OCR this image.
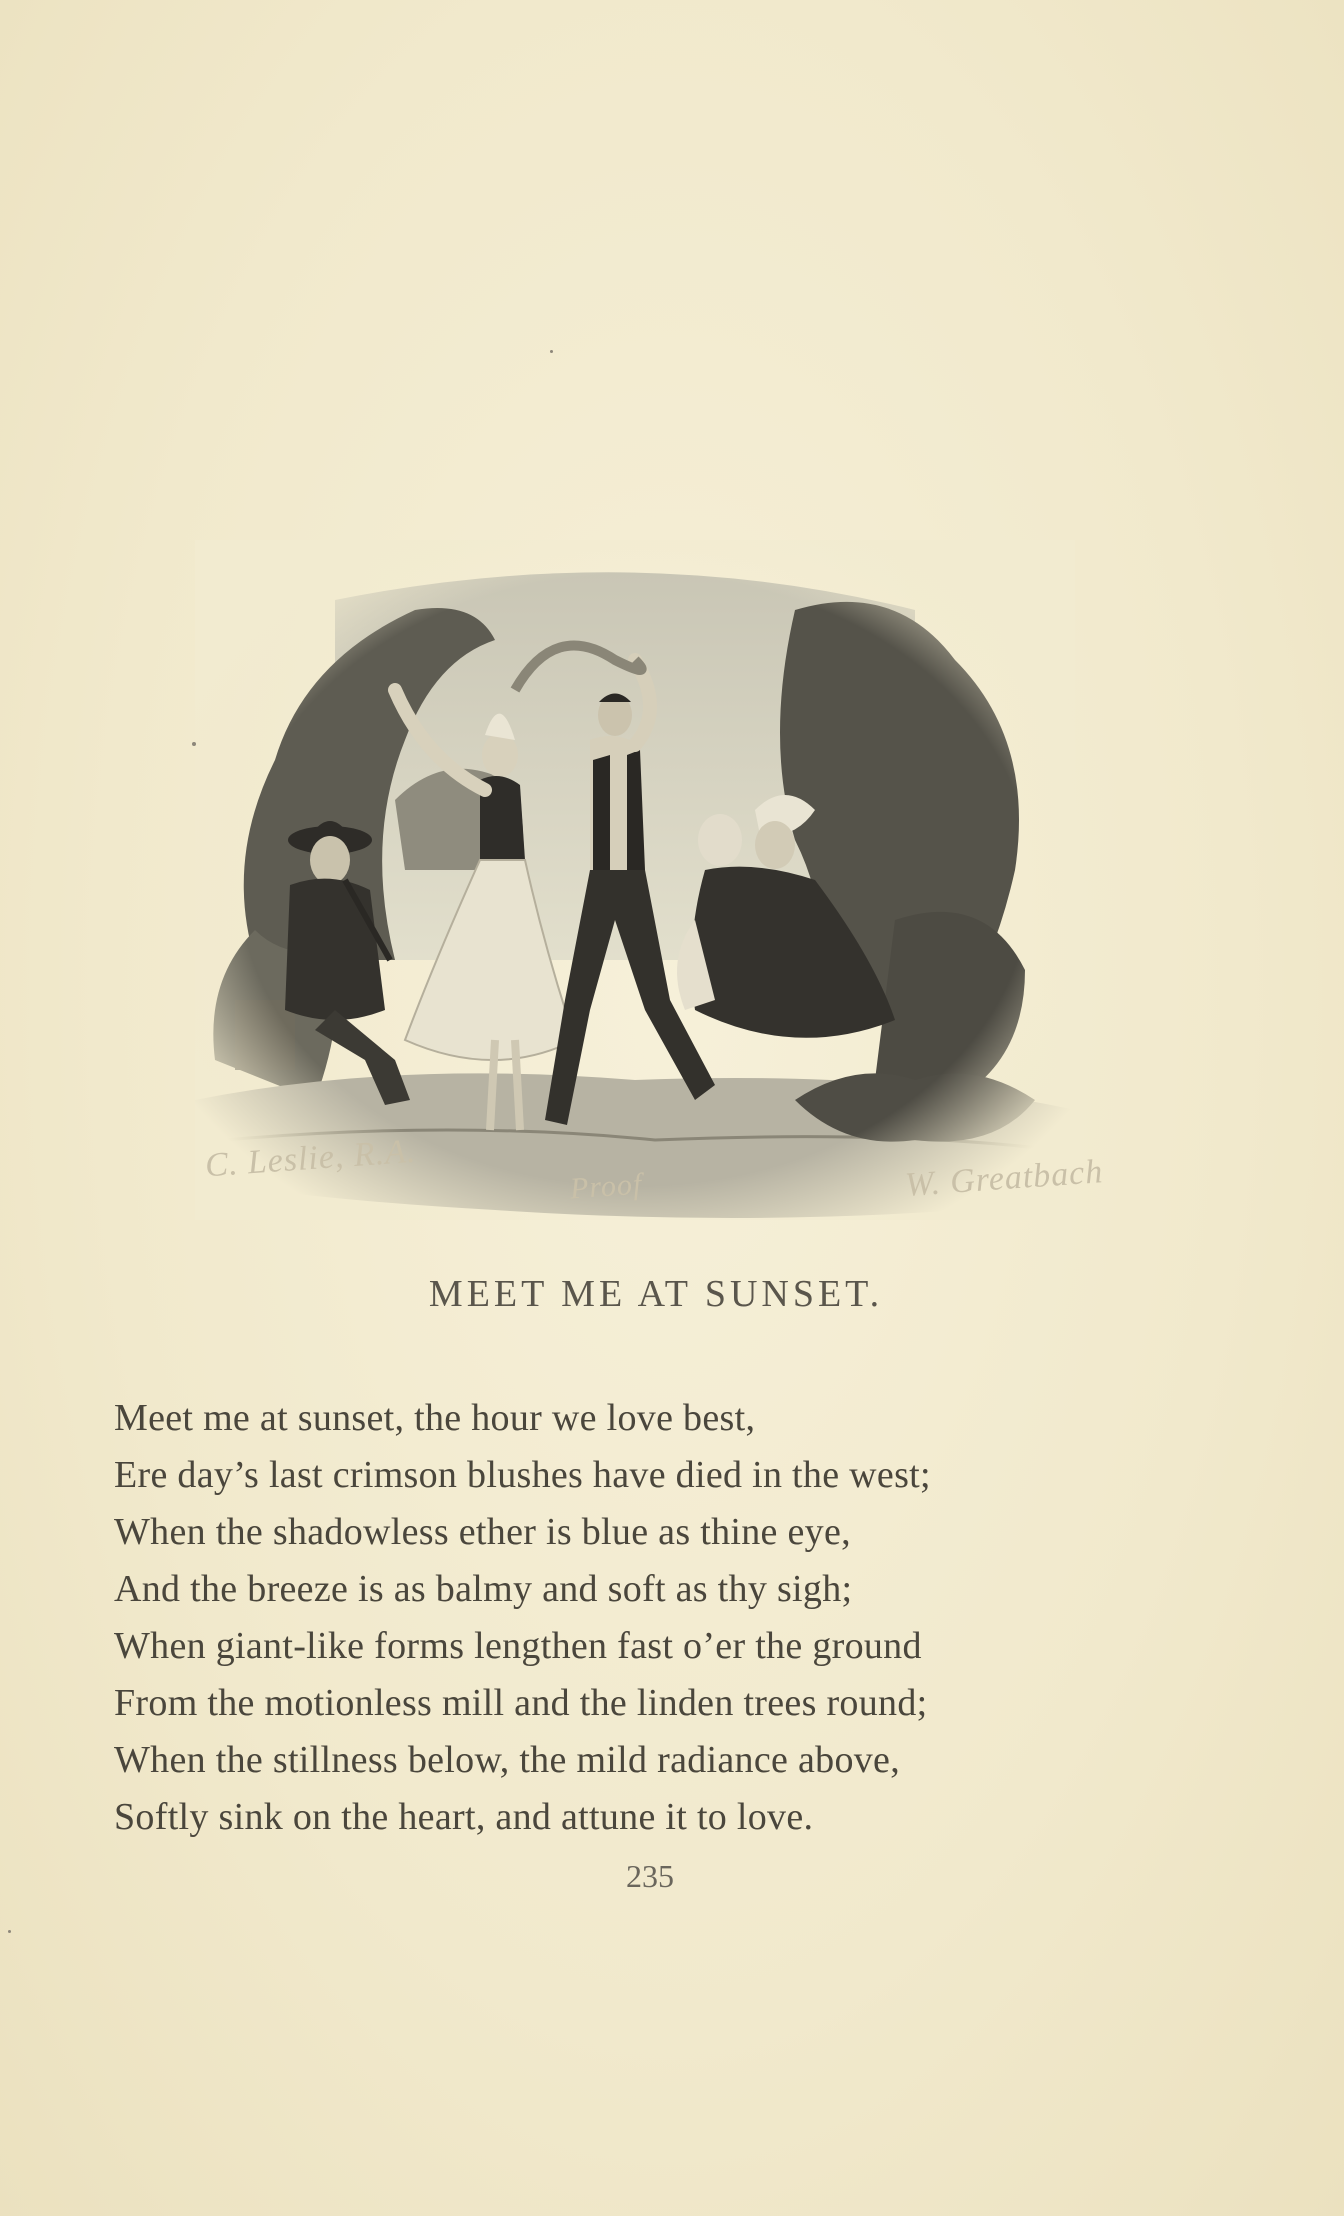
C. Leslie, R.A.
Proof	W. Greatbach
MEET ME AT SUNSET.
Meet me at sunset, the hour we love best,
Ere day’s last crimson blushes have died in the west;
When the shadowless ether is blue as thine eye,
And the breeze is as balmy and soft as thy sigh;
When giant-like forms lengthen fast o’er the ground
From the motionless mill and the linden trees round;
When the stillness below, the mild radiance above,
Softly sink on the heart, and attune it to love.
235
